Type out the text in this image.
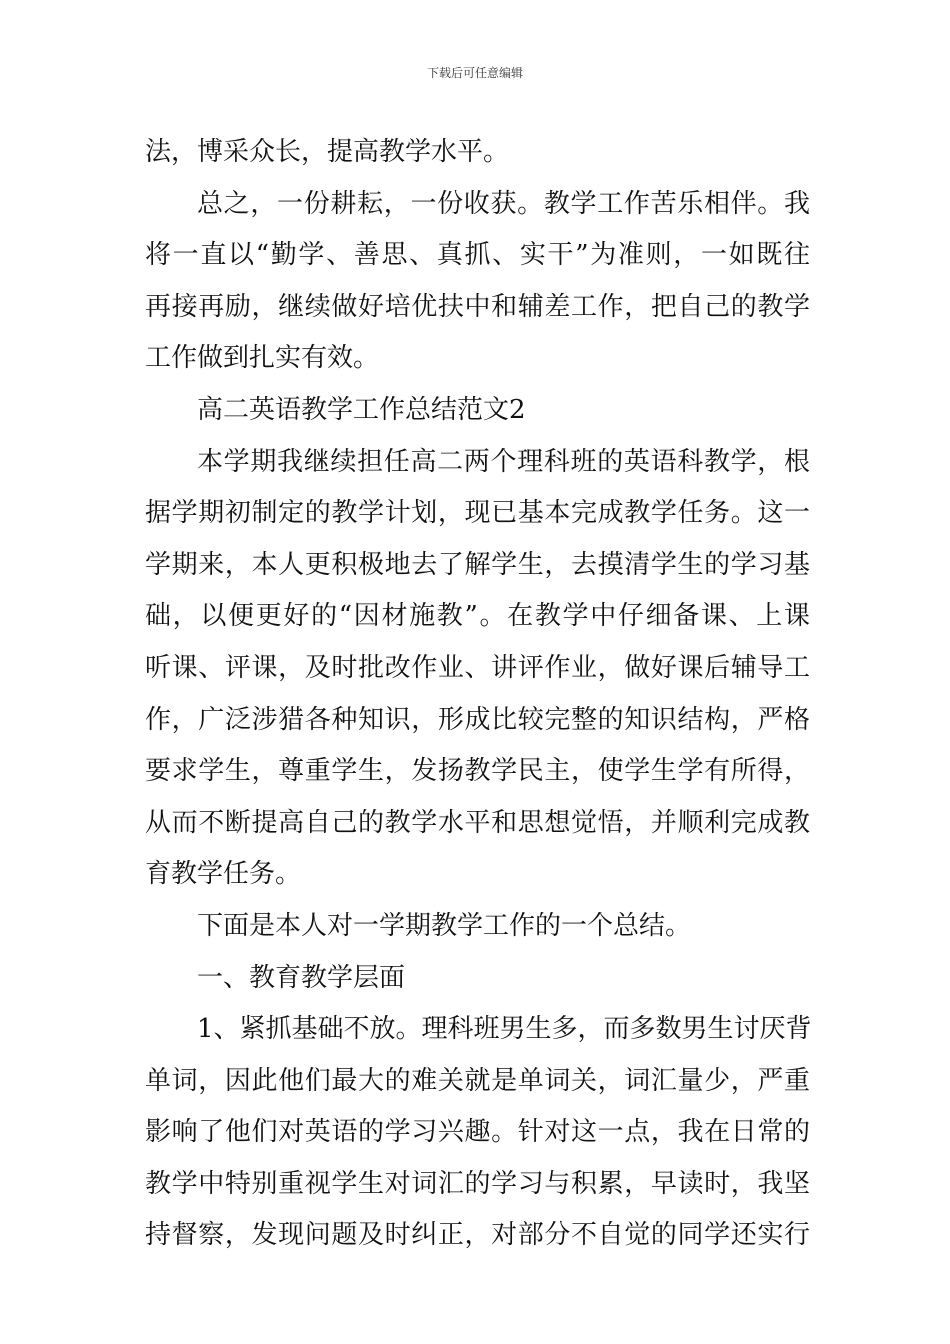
下载后可任意编辑
法，博采众长，提高教学水平。
总之，一份耕耘，一份收获。教学工作苦乐相伴。我
将一直以“勤学、善思、真抓、实干”为准则，一如既往
再接再励，继续做好培优扶中和辅差工作，把自己的教学
工作做到扎实有效。
高二英语教学工作总结范文2
本学期我继续担任高二两个理科班的英语科教学，根
据学期初制定的教学计划，现已基本完成教学任务。这一
学期来，本人更积极地去了解学生，去摸清学生的学习基
础，以便更好的“因材施教”。在教学中仔细备课、上课
听课、评课，及时批改作业、讲评作业，做好课后辅导工
作，广泛涉猎各种知识，形成比较完整的知识结构，严格
要求学生，尊重学生，发扬教学民主，使学生学有所得，
从而不断提高自己的教学水平和思想觉悟，并顺利完成教
育教学任务。
下面是本人对一学期教学工作的一个总结。
一、教育教学层面
1、紧抓基础不放。理科班男生多，而多数男生讨厌背
单词，因此他们最大的难关就是单词关，词汇量少，严重
影响了他们对英语的学习兴趣。针对这一点，我在日常的
教学中特别重视学生对词汇的学习与积累，早读时，我坚
持督察，发现问题及时纠正，对部分不自觉的同学还实行
